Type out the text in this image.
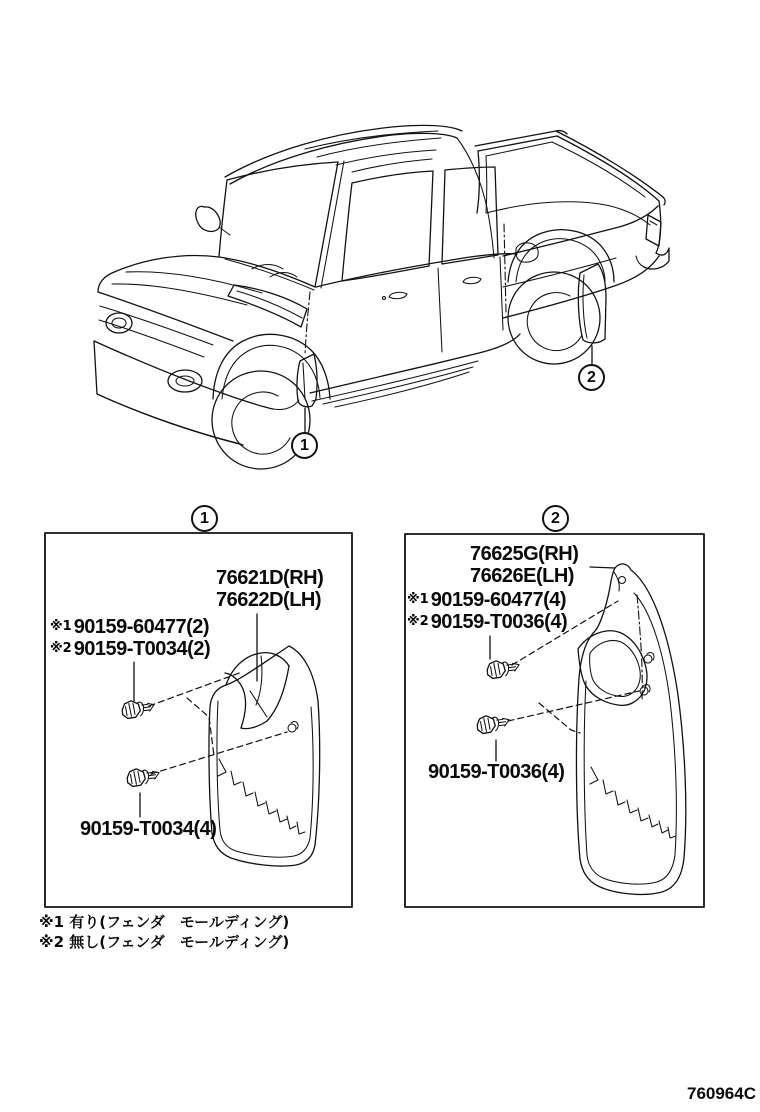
1
2
1	2
76621D(RH)
76622D(LH)
※1 90159-60477(2)
※2 90159-T0034(2)
90159-T0034(4)
76625G(RH)
76626E(LH)
※1 90159-60477(4)
※2 90159-T0036(4)
90159-T0036(4)
※1 有り(フェンダ　モールディング)
※2 無し(フェンダ　モールディング)
760964C
